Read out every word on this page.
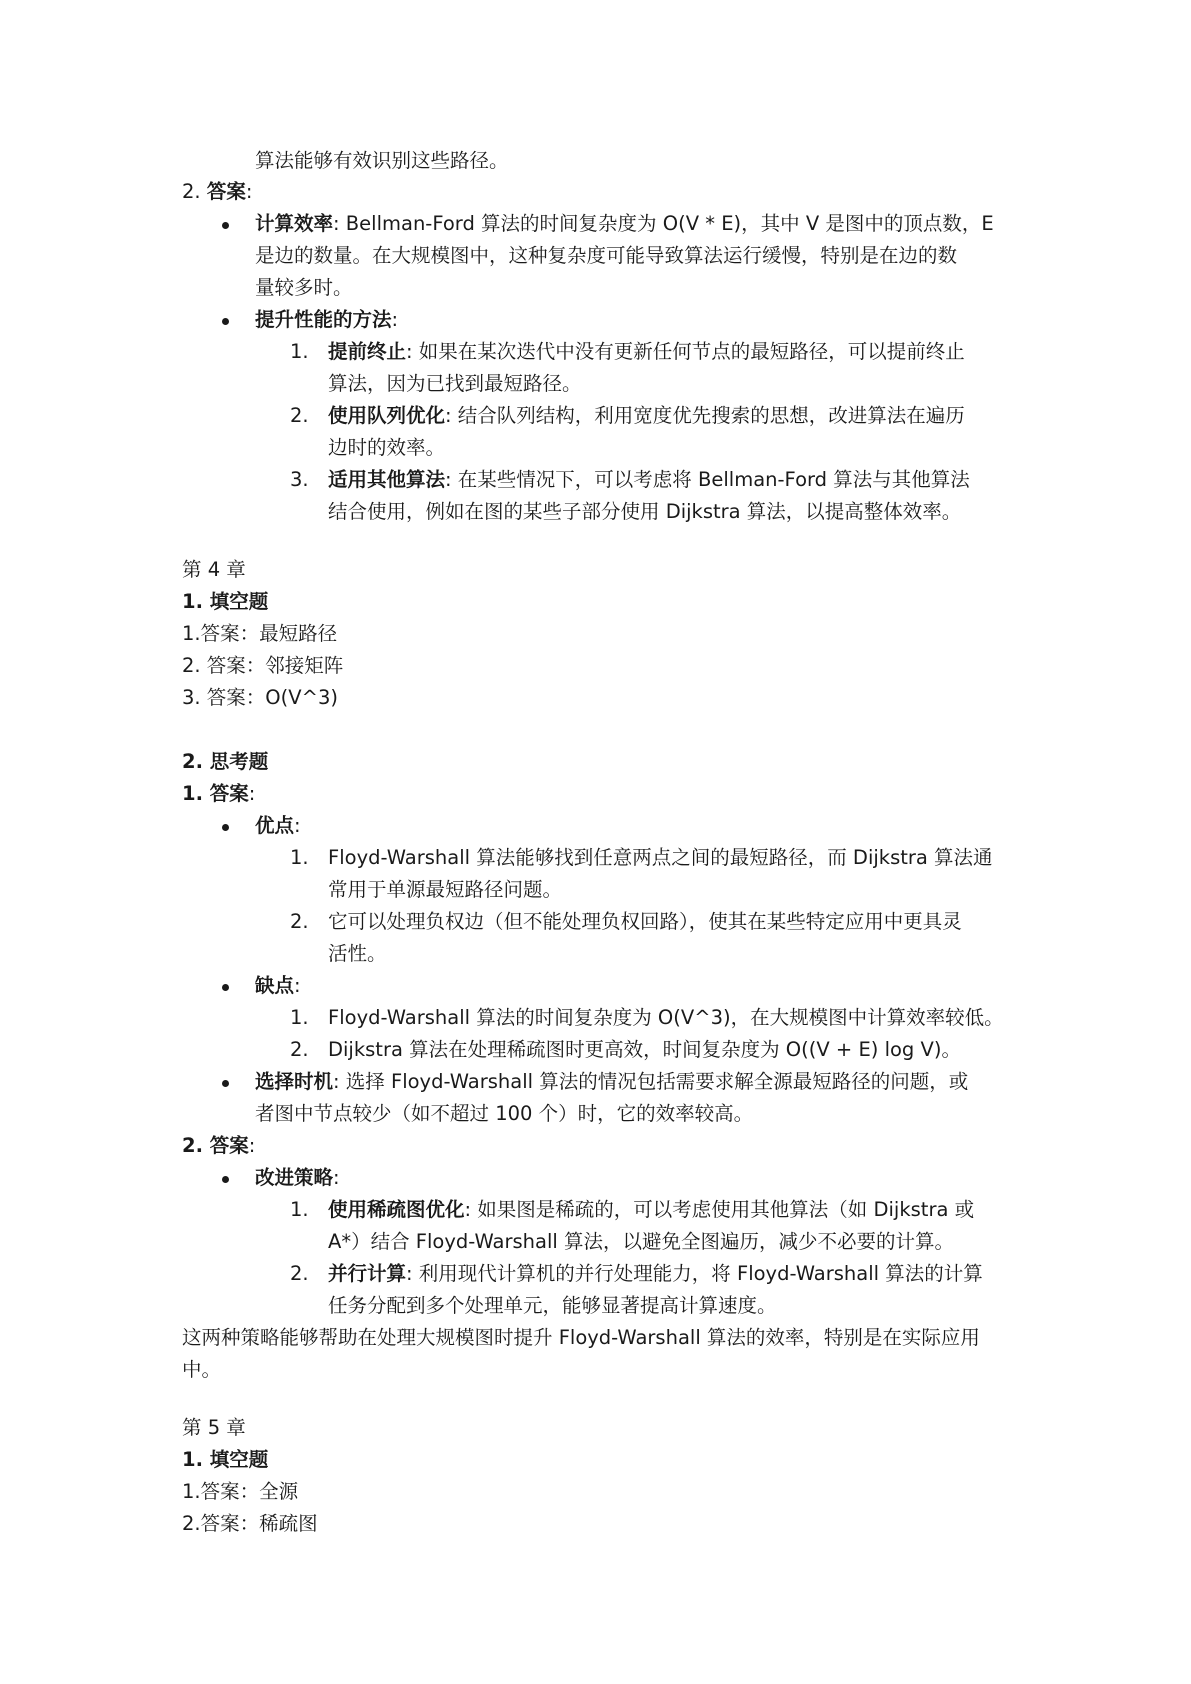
算法能够有效识别这些路径。
2. 答案:
计算效率: Bellman-Ford 算法的时间复杂度为 O(V * E)，其中 V 是图中的顶点数，E
是边的数量。在大规模图中，这种复杂度可能导致算法运行缓慢，特别是在边的数
量较多时。
提升性能的方法:
1. 提前终止: 如果在某次迭代中没有更新任何节点的最短路径，可以提前终止
算法，因为已找到最短路径。
2. 使用队列优化: 结合队列结构，利用宽度优先搜索的思想，改进算法在遍历
边时的效率。
3. 适用其他算法: 在某些情况下，可以考虑将 Bellman-Ford 算法与其他算法
结合使用，例如在图的某些子部分使用 Dijkstra 算法，以提高整体效率。
第 4 章
1. 填空题
1.答案：最短路径
2. 答案：邻接矩阵
3. 答案：O(V^3)
2. 思考题
1. 答案:
优点:
1. Floyd-Warshall 算法能够找到任意两点之间的最短路径，而 Dijkstra 算法通
常用于单源最短路径问题。
2. 它可以处理负权边（但不能处理负权回路），使其在某些特定应用中更具灵
活性。
缺点:
1. Floyd-Warshall 算法的时间复杂度为 O(V^3)，在大规模图中计算效率较低。
2. Dijkstra 算法在处理稀疏图时更高效，时间复杂度为 O((V + E) log V)。
选择时机: 选择 Floyd-Warshall 算法的情况包括需要求解全源最短路径的问题，或
者图中节点较少（如不超过 100 个）时，它的效率较高。
2. 答案:
改进策略:
1. 使用稀疏图优化: 如果图是稀疏的，可以考虑使用其他算法（如 Dijkstra 或
A*）结合 Floyd-Warshall 算法，以避免全图遍历，减少不必要的计算。
2. 并行计算: 利用现代计算机的并行处理能力，将 Floyd-Warshall 算法的计算
任务分配到多个处理单元，能够显著提高计算速度。
这两种策略能够帮助在处理大规模图时提升 Floyd-Warshall 算法的效率，特别是在实际应用
中。
第 5 章
1. 填空题
1.答案：全源
2.答案：稀疏图
